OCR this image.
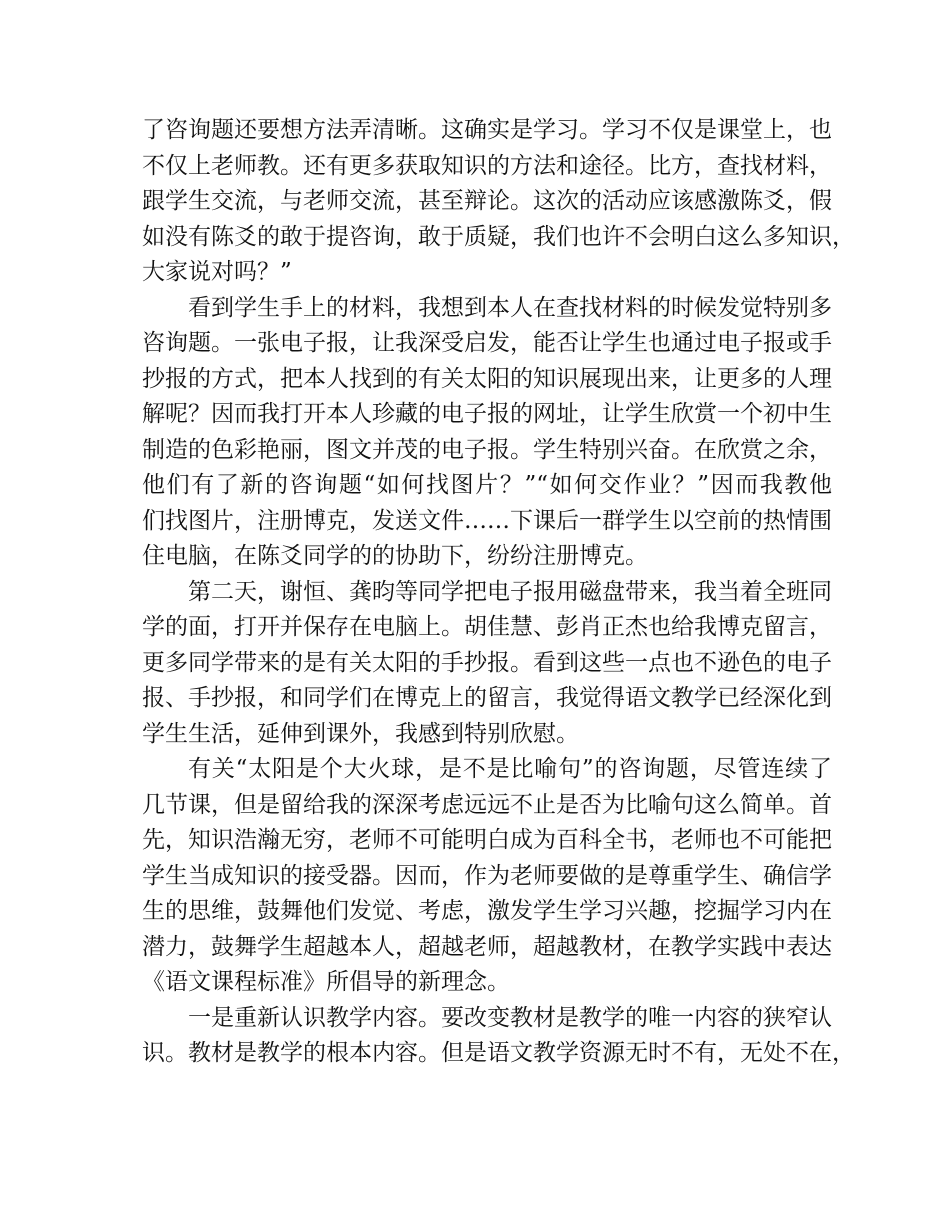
了咨询题还要想方法弄清晰。这确实是学习。学习不仅是课堂上，也
不仅上老师教。还有更多获取知识的方法和途径。比方，查找材料，
跟学生交流，与老师交流，甚至辩论。这次的活动应该感激陈爻，假
如没有陈爻的敢于提咨询，敢于质疑，我们也许不会明白这么多知识，
大家说对吗？”
看到学生手上的材料，我想到本人在查找材料的时候发觉特别多
咨询题。一张电子报，让我深受启发，能否让学生也通过电子报或手
抄报的方式，把本人找到的有关太阳的知识展现出来，让更多的人理
解呢？因而我打开本人珍藏的电子报的网址，让学生欣赏一个初中生
制造的色彩艳丽，图文并茂的电子报。学生特别兴奋。在欣赏之余，
他们有了新的咨询题“如何找图片？”“如何交作业？”因而我教他
们找图片，注册博克，发送文件……下课后一群学生以空前的热情围
住电脑，在陈爻同学的的协助下，纷纷注册博克。
第二天，谢恒、龚昀等同学把电子报用磁盘带来，我当着全班同
学的面，打开并保存在电脑上。胡佳慧、彭肖正杰也给我博克留言，
更多同学带来的是有关太阳的手抄报。看到这些一点也不逊色的电子
报、手抄报，和同学们在博克上的留言，我觉得语文教学已经深化到
学生生活，延伸到课外，我感到特别欣慰。
有关“太阳是个大火球，是不是比喻句”的咨询题，尽管连续了
几节课，但是留给我的深深考虑远远不止是否为比喻句这么简单。首
先，知识浩瀚无穷，老师不可能明白成为百科全书，老师也不可能把
学生当成知识的接受器。因而，作为老师要做的是尊重学生、确信学
生的思维，鼓舞他们发觉、考虑，激发学生学习兴趣，挖掘学习内在
潜力，鼓舞学生超越本人，超越老师，超越教材，在教学实践中表达
《语文课程标准》所倡导的新理念。
一是重新认识教学内容。要改变教材是教学的唯一内容的狭窄认
识。教材是教学的根本内容。但是语文教学资源无时不有，无处不在，
